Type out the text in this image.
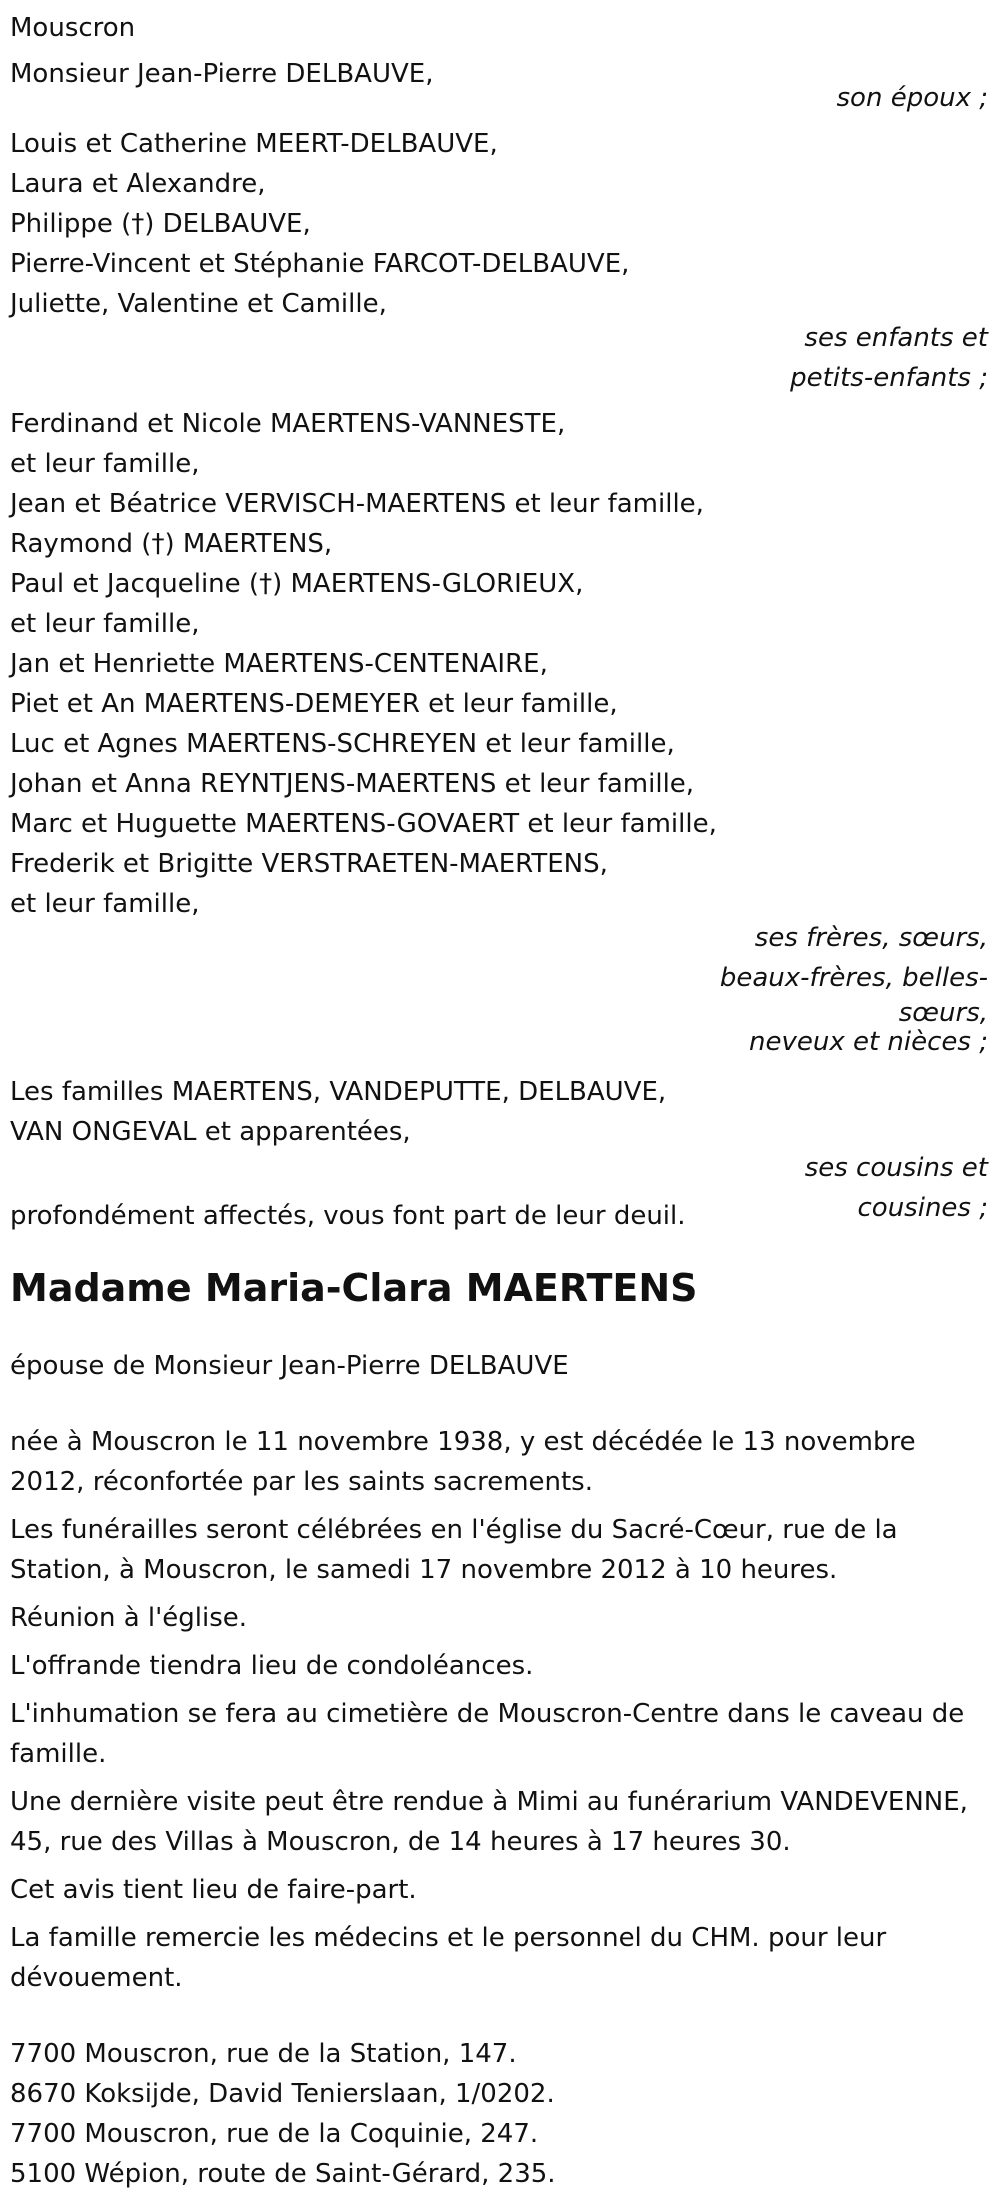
Mouscron
Monsieur Jean-Pierre DELBAUVE,
son époux ;
Louis et Catherine MEERT-DELBAUVE,
Laura et Alexandre,
Philippe (†) DELBAUVE,
Pierre-Vincent et Stéphanie FARCOT-DELBAUVE,
Juliette, Valentine et Camille,
ses enfants et
petits-enfants ;
Ferdinand et Nicole MAERTENS-VANNESTE,
et leur famille,
Jean et Béatrice VERVISCH-MAERTENS et leur famille,
Raymond (†) MAERTENS,
Paul et Jacqueline (†) MAERTENS-GLORIEUX,
et leur famille,
Jan et Henriette MAERTENS-CENTENAIRE,
Piet et An MAERTENS-DEMEYER et leur famille,
Luc et Agnes MAERTENS-SCHREYEN et leur famille,
Johan et Anna REYNTJENS-MAERTENS et leur famille,
Marc et Huguette MAERTENS-GOVAERT et leur famille,
Frederik et Brigitte VERSTRAETEN-MAERTENS,
et leur famille,
ses frères, sœurs,
beaux-frères, belles-
sœurs,
neveux et nièces ;
Les familles MAERTENS, VANDEPUTTE, DELBAUVE,
VAN ONGEVAL et apparentées,
ses cousins et
cousines ;
profondément affectés, vous font part de leur deuil.
Madame Maria-Clara MAERTENS
épouse de Monsieur Jean-Pierre DELBAUVE
née à Mouscron le 11 novembre 1938, y est décédée le 13 novembre 2012, réconfortée par les saints sacrements.
Les funérailles seront célébrées en l'église du Sacré-Cœur, rue de la Station, à Mouscron, le samedi 17 novembre 2012 à 10 heures.
Réunion à l'église.
L'offrande tiendra lieu de condoléances.
L'inhumation se fera au cimetière de Mouscron-Centre dans le caveau de famille.
Une dernière visite peut être rendue à Mimi au funérarium VANDEVENNE, 45, rue des Villas à Mouscron, de 14 heures à 17 heures 30.
Cet avis tient lieu de faire-part.
La famille remercie les médecins et le personnel du CHM. pour leur dévouement.
7700 Mouscron, rue de la Station, 147.
8670 Koksijde, David Tenierslaan, 1/0202.
7700 Mouscron, rue de la Coquinie, 247.
5100 Wépion, route de Saint-Gérard, 235.
